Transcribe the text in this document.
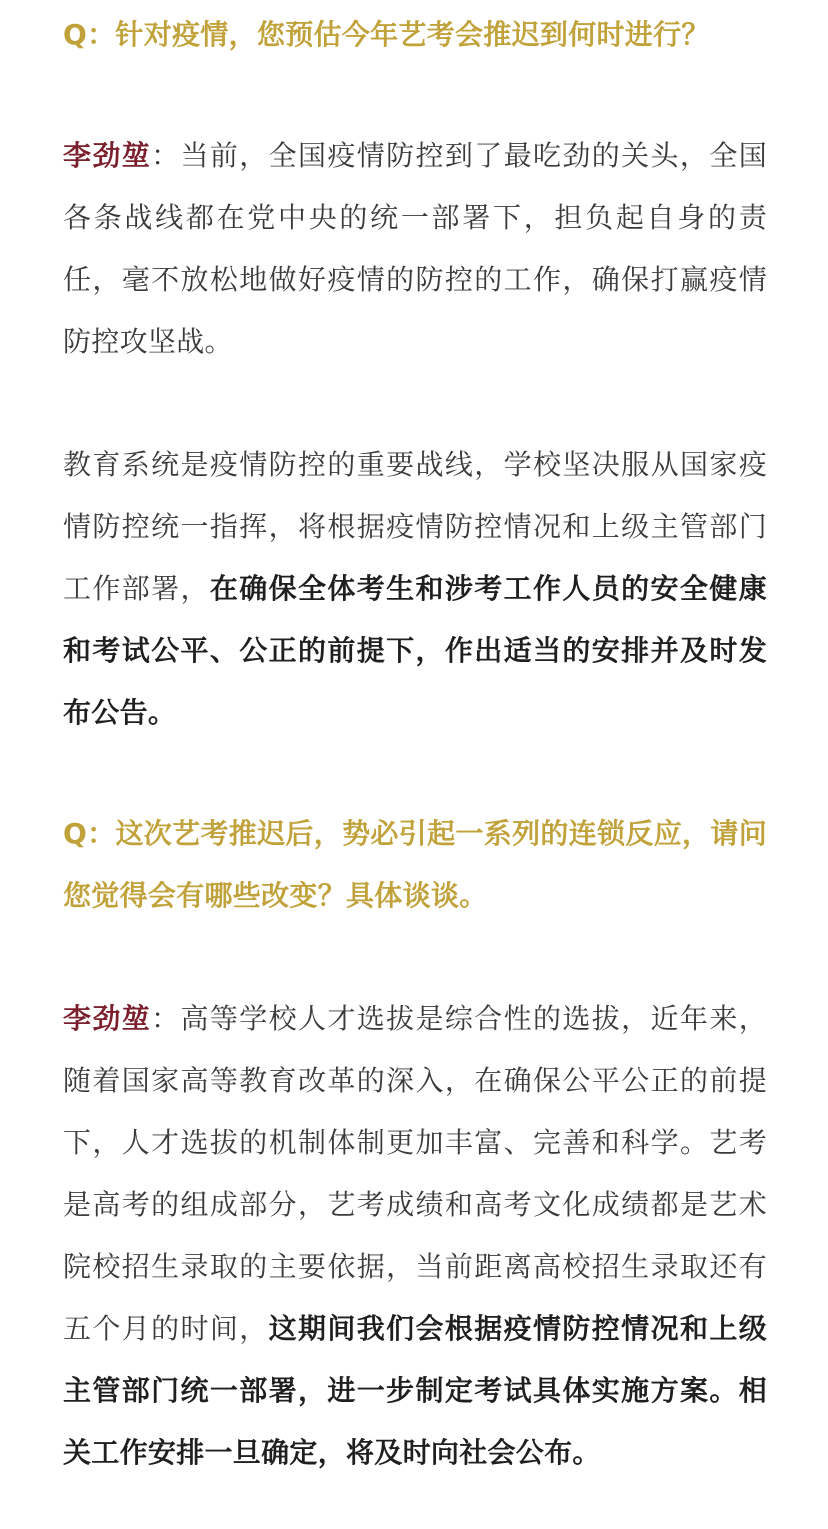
Q：针对疫情，您预估今年艺考会推迟到何时进行？

李劲堃：当前，全国疫情防控到了最吃劲的关头，全国各条战线都在党中央的统一部署下，担负起自身的责任，毫不放松地做好疫情的防控的工作，确保打赢疫情防控攻坚战。

教育系统是疫情防控的重要战线，学校坚决服从国家疫情防控统一指挥，将根据疫情防控情况和上级主管部门工作部署，在确保全体考生和涉考工作人员的安全健康和考试公平、公正的前提下，作出适当的安排并及时发布公告。

Q：这次艺考推迟后，势必引起一系列的连锁反应，请问您觉得会有哪些改变？具体谈谈。

李劲堃：高等学校人才选拔是综合性的选拔，近年来，随着国家高等教育改革的深入，在确保公平公正的前提下，人才选拔的机制体制更加丰富、完善和科学。艺考是高考的组成部分，艺考成绩和高考文化成绩都是艺术院校招生录取的主要依据，当前距离高校招生录取还有五个月的时间，这期间我们会根据疫情防控情况和上级主管部门统一部署，进一步制定考试具体实施方案。相关工作安排一旦确定，将及时向社会公布。
